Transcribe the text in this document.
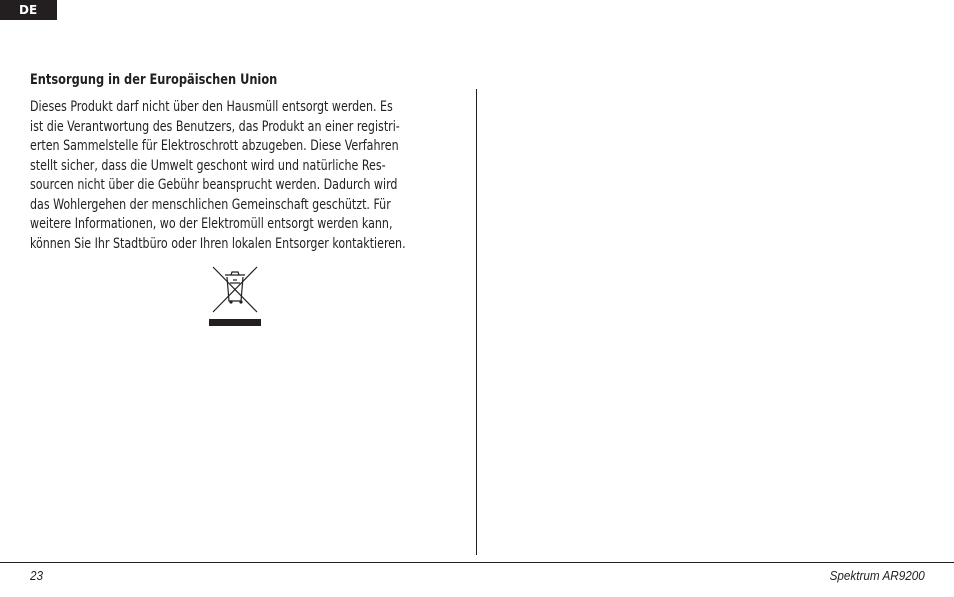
DE
Entsorgung in der Europäischen Union

Dieses Produkt darf nicht über den Hausmüll entsorgt werden. Es
ist die Verantwortung des Benutzers, das Produkt an einer registri-
erten Sammelstelle für Elektroschrott abzugeben. Diese Verfahren
stellt sicher, dass die Umwelt geschont wird und natürliche Res-
sourcen nicht über die Gebühr beansprucht werden. Dadurch wird
das Wohlergehen der menschlichen Gemeinschaft geschützt. Für
weitere Informationen, wo der Elektromüll entsorgt werden kann,
können Sie Ihr Stadtbüro oder Ihren lokalen Entsorger kontaktieren.

23	Spektrum AR9200
